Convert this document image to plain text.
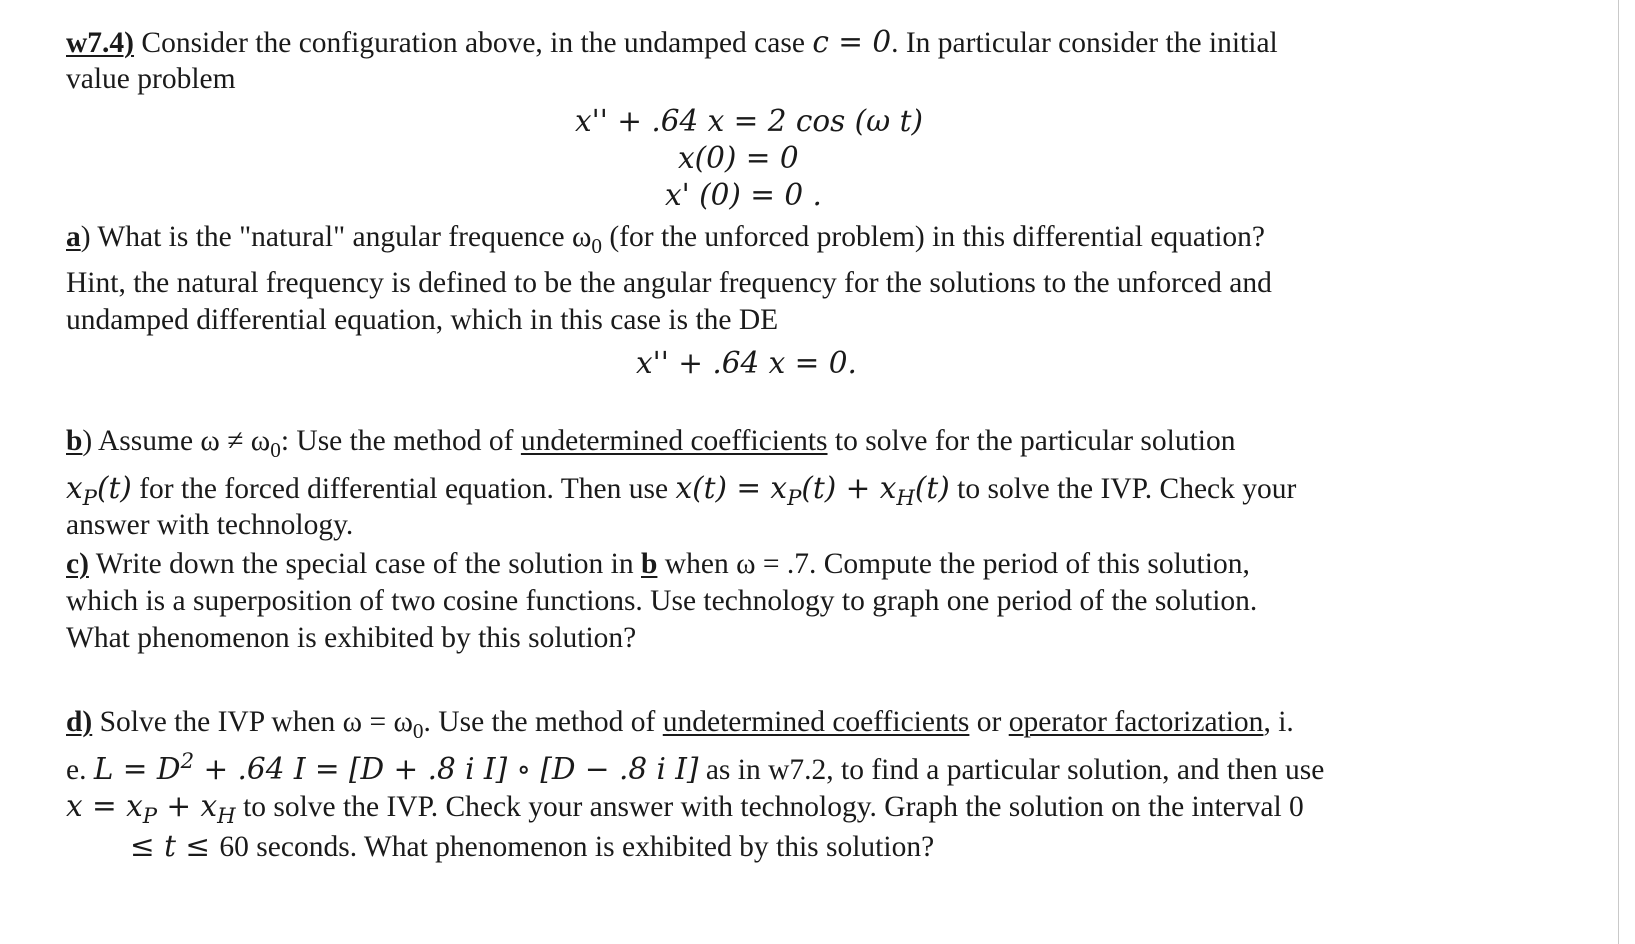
w7.4) Consider the configuration above, in the undamped case c = 0. In particular consider the initial

value problem

x'' + .64 x = 2 cos (ω t)

x(0) = 0

x' (0) = 0 .

a) What is the "natural" angular frequence $\omega_0$ (for the unforced problem) in this differential equation?

Hint, the natural frequency is defined to be the angular frequency for the solutions to the unforced and

undamped differential equation, which in this case is the DE

x'' + .64 x = 0.

b) Assume $\omega \ne \omega_0$: Use the method of undetermined coefficients to solve for the particular solution

$x_P(t)$ for the forced differential equation. Then use $x(t) = x_P(t) + x_H(t)$ to solve the IVP. Check your

answer with technology.

c) Write down the special case of the solution in b when ω = .7. Compute the period of this solution,

which is a superposition of two cosine functions. Use technology to graph one period of the solution.

What phenomenon is exhibited by this solution?

d) Solve the IVP when $\omega = \omega_0$. Use the method of undetermined coefficients or operator factorization, i.

e. $L = D^2 + .64$ I = [D + .8 i I] ∘ [D − .8 i I] as in w7.2, to find a particular solution, and then use

$x = x_P + x_H$ to solve the IVP. Check your answer with technology. Graph the solution on the interval 0

≤ t ≤ 60 seconds. What phenomenon is exhibited by this solution?
